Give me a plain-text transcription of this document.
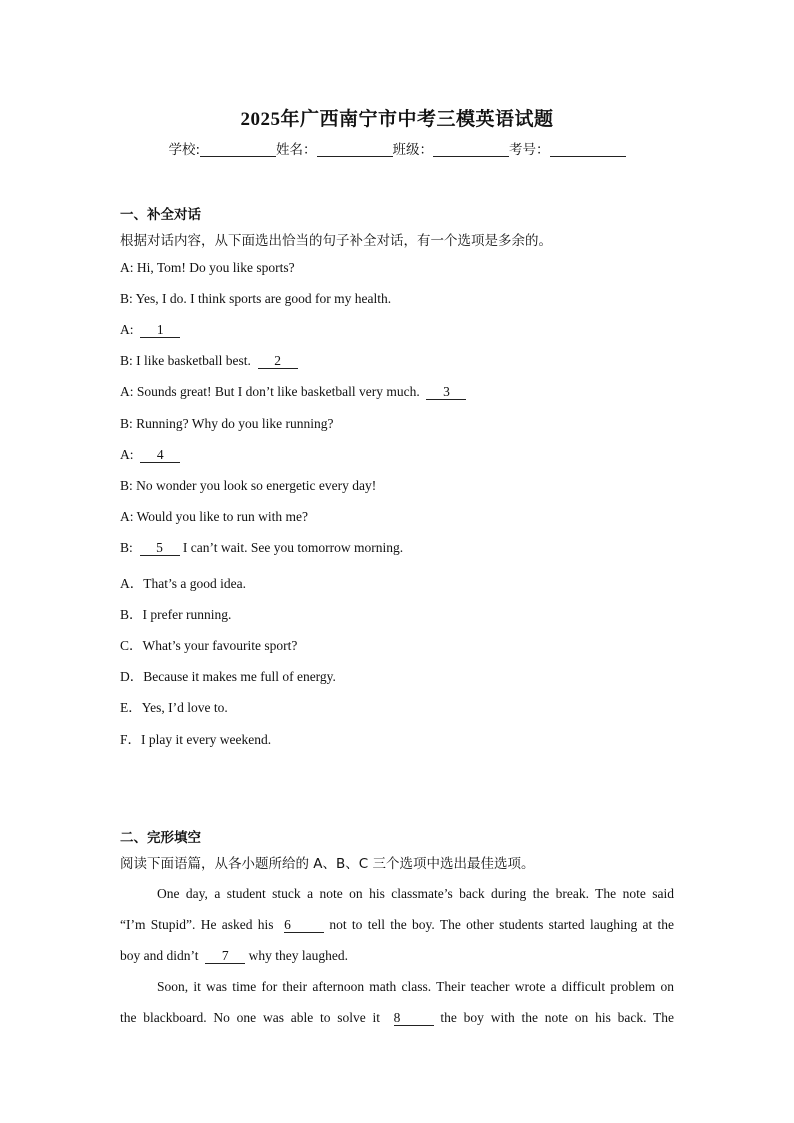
2025年广西南宁市中考三模英语试题
学校:	姓名：	班级：	考号：
一、补全对话
根据对话内容，从下面选出恰当的句子补全对话，有一个选项是多余的。
A: Hi, Tom! Do you like sports?
B: Yes, I do. I think sports are good for my health.
A:  1
B: I like basketball best.  2
A: Sounds great! But I don’t like basketball very much.  3
B: Running? Why do you like running?
A:  4
B: No wonder you look so energetic every day!
A: Would you like to run with me?
B:  5 I can’t wait. See you tomorrow morning.
A．That’s a good idea.
B．I prefer running.
C．What’s your favourite sport?
D．Because it makes me full of energy.
E．Yes, I’d love to.
F．I play it every weekend.
二、完形填空
阅读下面语篇，从各小题所给的 A、B、C 三个选项中选出最佳选项。
One day, a student stuck a note on his classmate’s back during the break. The note said
“I’m Stupid”. He asked his  6 not to tell the boy. The other students started laughing at the
boy and didn’t  7 why they laughed.
Soon, it was time for their afternoon math class. Their teacher wrote a difficult problem on
the blackboard. No one was able to solve it  8 the boy with the note on his back. The
